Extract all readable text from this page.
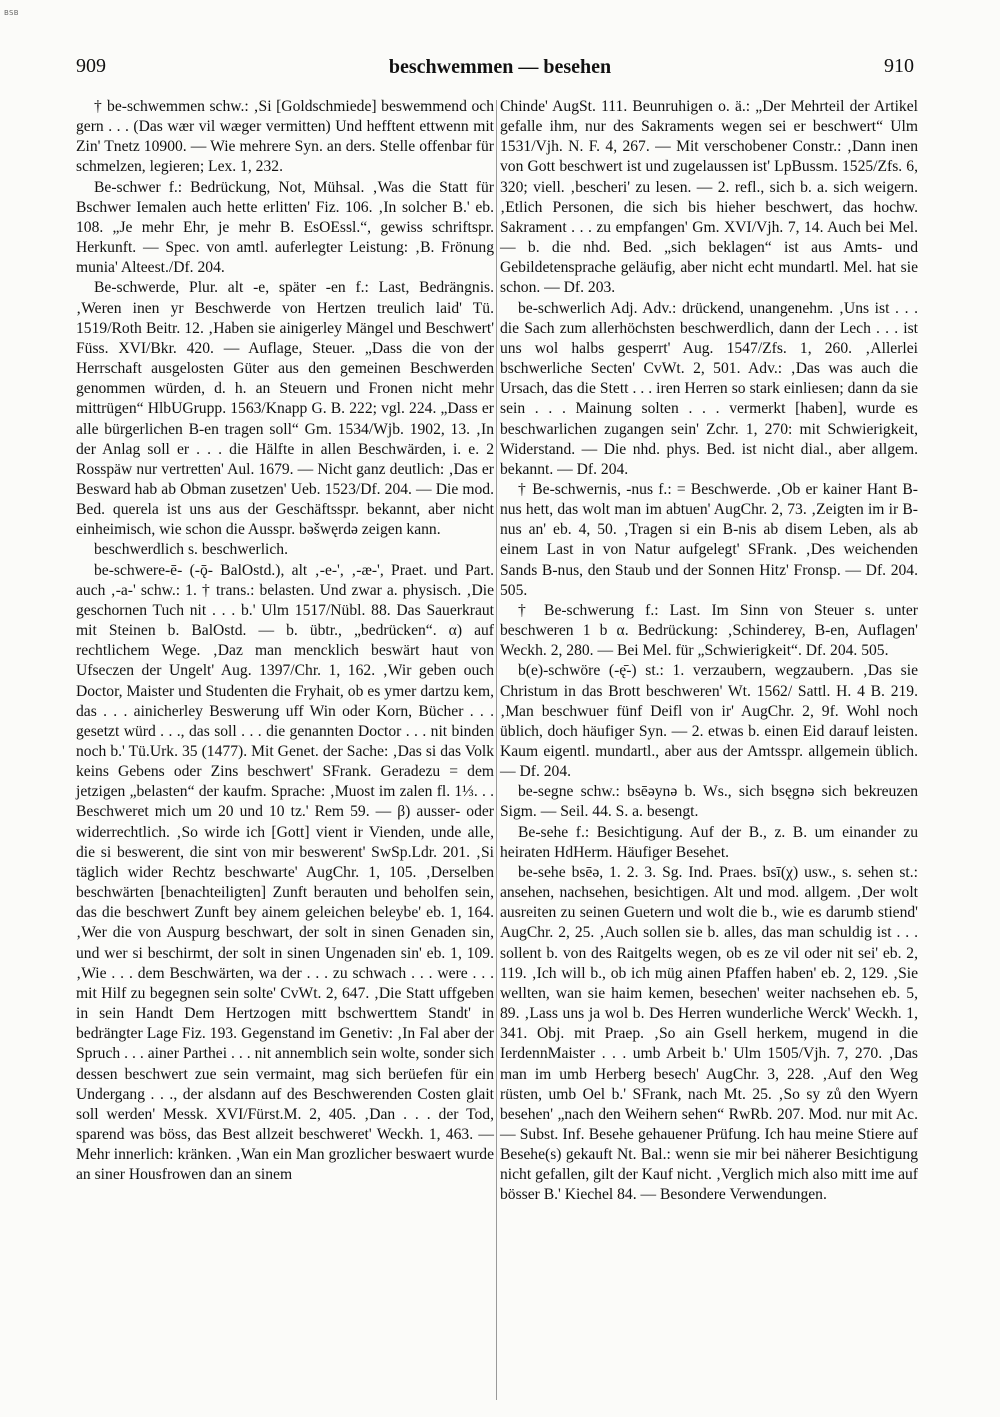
BSB
909	beschwemmen — besehen	910

† be-schwemmen schw.: ‚Si [Goldschmiede] beswemmend och gern . . . (Das wær vil wæger vermitten) Und hefftent ettwenn mit Zin' Tnetz 10900. — Wie mehrere Syn. an ders. Stelle offenbar für schmelzen, legieren; Lex. 1, 232.

Be-schwer f.: Bedrückung, Not, Mühsal. ‚Was die Statt für Bschwer Iemalen auch hette erlitten' Fiz. 106. ‚In solcher B.' eb. 108. „Je mehr Ehr, je mehr B. EsOEssl.“, gewiss schriftspr. Herkunft. — Spec. von amtl. auferlegter Leistung: ‚B. Frönung munia' Alteest./Df. 204.

Be-schwerde, Plur. alt -e, später -en f.: Last, Bedrängnis. ‚Weren inen yr Beschwerde von Hertzen treulich laid' Tü. 1519/Roth Beitr. 12. ‚Haben sie ainigerley Mängel und Beschwert' Füss. XVI/Bkr. 420. — Auflage, Steuer. „Dass die von der Herrschaft ausgelosten Güter aus den gemeinen Beschwerden genommen würden, d. h. an Steuern und Fronen nicht mehr mittrügen“ HlbUGrupp. 1563/Knapp G. B. 222; vgl. 224. „Dass er alle bürgerlichen B-en tragen soll“ Gm. 1534/Wjb. 1902, 13. ‚In der Anlag soll er . . . die Hälfte in allen Beschwärden, i. e. 2 Rosspäw nur vertretten' Aul. 1679. — Nicht ganz deutlich: ‚Das er Besward hab ab Obman zusetzen' Ueb. 1523/Df. 204. — Die mod. Bed. querela ist uns aus der Geschäftsspr. bekannt, aber nicht einheimisch, wie schon die Ausspr. bəšwęrdə zeigen kann.

beschwerdlich s. beschwerlich.

be-schwere-ē- (-ǭ- BalOstd.), alt ‚-e-', ‚-æ-', Praet. und Part. auch ‚-a-' schw.: 1. † trans.: belasten. Und zwar a. physisch. ‚Die geschornen Tuch nit . . . b.' Ulm 1517/Nübl. 88. Das Sauerkraut mit Steinen b. BalOstd. — b. übtr., „bedrücken“. α) auf rechtlichem Wege. ‚Daz man mencklich beswärt haut von Ufseczen der Ungelt' Aug. 1397/Chr. 1, 162. ‚Wir geben ouch Doctor, Maister und Studenten die Fryhait, ob es ymer dartzu kem, das . . . ainicherley Beswerung uff Win oder Korn, Bücher . . . gesetzt würd . . ., das soll . . . die genannten Doctor . . . nit binden noch b.' Tü.Urk. 35 (1477). Mit Genet. der Sache: ‚Das si das Volk keins Gebens oder Zins beschwert' SFrank. Geradezu = dem jetzigen „belasten“ der kaufm. Sprache: ‚Muost im zalen fl. 1⅓. . . Beschweret mich um 20 und 10 tz.' Rem 59. — β) ausser- oder widerrechtlich. ‚So wirde ich [Gott] vient ir Vienden, unde alle, die si beswerent, die sint von mir beswerent' SwSp.Ldr. 201. ‚Si täglich wider Rechtz beschwarte' AugChr. 1, 105. ‚Derselben beschwärten [benachteiligten] Zunft berauten und beholfen sein, das die beschwert Zunft bey ainem geleichen beleybe' eb. 1, 164. ‚Wer die von Auspurg beschwart, der solt in sinen Genaden sin, und wer si beschirmt, der solt in sinen Ungenaden sin' eb. 1, 109. ‚Wie . . . dem Beschwärten, wa der . . . zu schwach . . . were . . . mit Hilf zu begegnen sein solte' CvWt. 2, 647. ‚Die Statt uffgeben in sein Handt Dem Hertzogen mitt bschwerttem Standt' in bedrängter Lage Fiz. 193. Gegenstand im Genetiv: ‚In Fal aber der Spruch . . . ainer Parthei . . . nit annemblich sein wolte, sonder sich dessen beschwert zue sein vermaint, mag sich berüefen für ein Undergang . . ., der alsdann auf des Beschwerenden Costen glait soll werden' Messk. XVI/Fürst.M. 2, 405. ‚Dan . . . der Tod, sparend was böss, das Best allzeit beschweret' Weckh. 1, 463. — Mehr innerlich: kränken. ‚Wan ein Man grozlicher beswaert wurde an siner Housfrowen dan an sinem

Chinde' AugSt. 111. Beunruhigen o. ä.: „Der Mehrteil der Artikel gefalle ihm, nur des Sakraments wegen sei er beschwert“ Ulm 1531/Vjh. N. F. 4, 267. — Mit verschobener Constr.: ‚Dann inen von Gott beschwert ist und zugelaussen ist' LpBussm. 1525/Zfs. 6, 320; viell. ‚bescheri' zu lesen. — 2. refl., sich b. a. sich weigern. ‚Etlich Personen, die sich bis hieher beschwert, das hochw. Sakrament . . . zu empfangen' Gm. XVI/Vjh. 7, 14. Auch bei Mel. — b. die nhd. Bed. „sich beklagen“ ist aus Amts- und Gebildetensprache geläufig, aber nicht echt mundartl. Mel. hat sie schon. — Df. 203.

be-schwerlich Adj. Adv.: drückend, unangenehm. ‚Uns ist . . . die Sach zum allerhöchsten beschwerdlich, dann der Lech . . . ist uns wol halbs gesperrt' Aug. 1547/Zfs. 1, 260. ‚Allerlei bschwerliche Secten' CvWt. 2, 501. Adv.: ‚Das was auch die Ursach, das die Stett . . . iren Herren so stark einliesen; dann da sie sein . . . Mainung solten . . . vermerkt [haben], wurde es beschwarlichen zugangen sein' Zchr. 1, 270: mit Schwierigkeit, Widerstand. — Die nhd. phys. Bed. ist nicht dial., aber allgem. bekannt. — Df. 204.

† Be-schwernis, -nus f.: = Beschwerde. ‚Ob er kainer Hant B-nus hett, das wolt man im abtuen' AugChr. 2, 73. ‚Zeigten im ir B-nus an' eb. 4, 50. ‚Tragen si ein B-nis ab disem Leben, als ab einem Last in von Natur aufgelegt' SFrank. ‚Des weichenden Sands B-nus, den Staub und der Sonnen Hitz' Fronsp. — Df. 204. 505.

† Be-schwerung f.: Last. Im Sinn von Steuer s. unter beschweren 1 b α. Bedrückung: ‚Schinderey, B-en, Auflagen' Weckh. 2, 280. — Bei Mel. für „Schwierigkeit“. Df. 204. 505.

b(e)-schwöre (-ę̄-) st.: 1. verzaubern, wegzaubern. ‚Das sie Christum in das Brott beschweren' Wt. 1562/ Sattl. H. 4 B. 219. ‚Man beschwuer fünf Deifl von ir' AugChr. 2, 9f. Wohl noch üblich, doch häufiger Syn. — 2. etwas b. einen Eid darauf leisten. Kaum eigentl. mundartl., aber aus der Amtsspr. allgemein üblich. — Df. 204.

be-segne schw.: bsēəynə b. Ws., sich bsęgnə sich bekreuzen Sigm. — Seil. 44. S. a. besengt.

Be-sehe f.: Besichtigung. Auf der B., z. B. um einander zu heiraten HdHerm. Häufiger Besehet.

be-sehe bsēə, 1. 2. 3. Sg. Ind. Praes. bsī(χ) usw., s. sehen st.: ansehen, nachsehen, besichtigen. Alt und mod. allgem. ‚Der wolt ausreiten zu seinen Guetern und wolt die b., wie es darumb stiend' AugChr. 2, 25. ‚Auch sollen sie b. alles, das man schuldig ist . . . sollent b. von des Raitgelts wegen, ob es ze vil oder nit sei' eb. 2, 119. ‚Ich will b., ob ich müg ainen Pfaffen haben' eb. 2, 129. ‚Sie wellten, wan sie haim kemen, besechen' weiter nachsehen eb. 5, 89. ‚Lass uns ja wol b. Des Herren wunderliche Werck' Weckh. 1, 341. Obj. mit Praep. ‚So ain Gsell herkem, mugend in die IerdennMaister . . . umb Arbeit b.' Ulm 1505/Vjh. 7, 270. ‚Das man im umb Herberg besech' AugChr. 3, 228. ‚Auf den Weg rüsten, umb Oel b.' SFrank, nach Mt. 25. ‚So sy zů den Wyern besehen' „nach den Weihern sehen“ RwRb. 207. Mod. nur mit Ac. — Subst. Inf. Besehe gehauener Prüfung. Ich hau meine Stiere auf Besehe(s) gekauft Nt. Bal.: wenn sie mir bei näherer Besichtigung nicht gefallen, gilt der Kauf nicht. ‚Verglich mich also mitt ime auf bösser B.' Kiechel 84. — Besondere Verwendungen.
